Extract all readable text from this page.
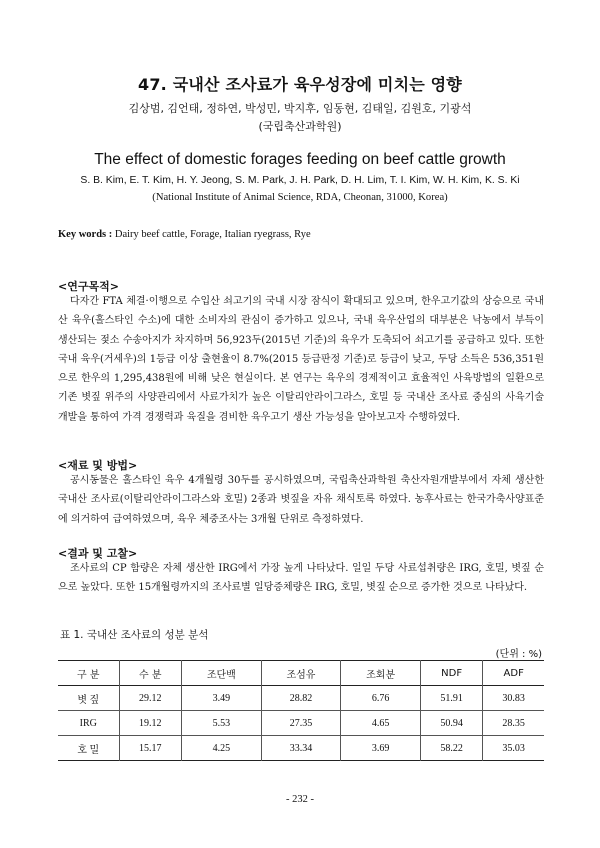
47. 국내산 조사료가 육우성장에 미치는 영향
김상범, 김언태, 정하연, 박성민, 박지후, 임동현, 김태일, 김원호, 기광석
(국립축산과학원)
The effect of domestic forages feeding on beef cattle growth
S. B. Kim, E. T. Kim, H. Y. Jeong, S. M. Park, J. H. Park, D. H. Lim, T. I. Kim, W. H. Kim, K. S. Ki
(National Institute of Animal Science, RDA, Cheonan, 31000, Korea)
Key words : Dairy beef cattle, Forage, Italian ryegrass, Rye
<연구목적>

다자간 FTA 체결·이행으로 수입산 쇠고기의 국내 시장 잠식이 확대되고 있으며, 한우고기값의 상승으로 국내산 육우(홀스타인 수소)에 대한 소비자의 관심이 증가하고 있으나, 국내 육우산업의 대부분은 낙농에서 부득이 생산되는 젖소 수송아지가 차지하며 56,923두(2015년 기준)의 육우가 도축되어 쇠고기를 공급하고 있다. 또한 국내 육우(거세우)의 1등급 이상 출현율이 8.7%(2015 등급판정 기준)로 등급이 낮고, 두당 소득은 536,351원으로 한우의 1,295,438원에 비해 낮은 현실이다. 본 연구는 육우의 경제적이고 효율적인 사육방법의 일환으로 기존 볏짚 위주의 사양관리에서 사료가치가 높은 이탈리안라이그라스, 호밀 등 국내산 조사료 중심의 사육기술 개발을 통하여 가격 경쟁력과 육질을 겸비한 육우고기 생산 가능성을 알아보고자 수행하였다.

<재료 및 방법>

공시동물은 홀스타인 육우 4개월령 30두를 공시하였으며, 국립축산과학원 축산자원개발부에서 자체 생산한 국내산 조사료(이탈리안라이그라스와 호밀) 2종과 볏짚을 자유 채식토록 하였다. 농후사료는 한국가축사양표준에 의거하여 급여하였으며, 육우 체중조사는 3개월 단위로 측정하였다.

<결과 및 고찰>

조사료의 CP 함량은 자체 생산한 IRG에서 가장 높게 나타났다. 일일 두당 사료섭취량은 IRG, 호밀, 볏짚 순으로 높았다. 또한 15개월령까지의 조사료별 일당증체량은 IRG, 호밀, 볏짚 순으로 증가한 것으로 나타났다.

표 1. 국내산 조사료의 성분 분석
(단위 : %)
구 분	수 분	조단백	조섬유	조회분	NDF	ADF
볏 짚	29.12	3.49	28.82	6.76	51.91	30.83
IRG	19.12	5.53	27.35	4.65	50.94	28.35
호 밀	15.17	4.25	33.34	3.69	58.22	35.03
- 232 -
